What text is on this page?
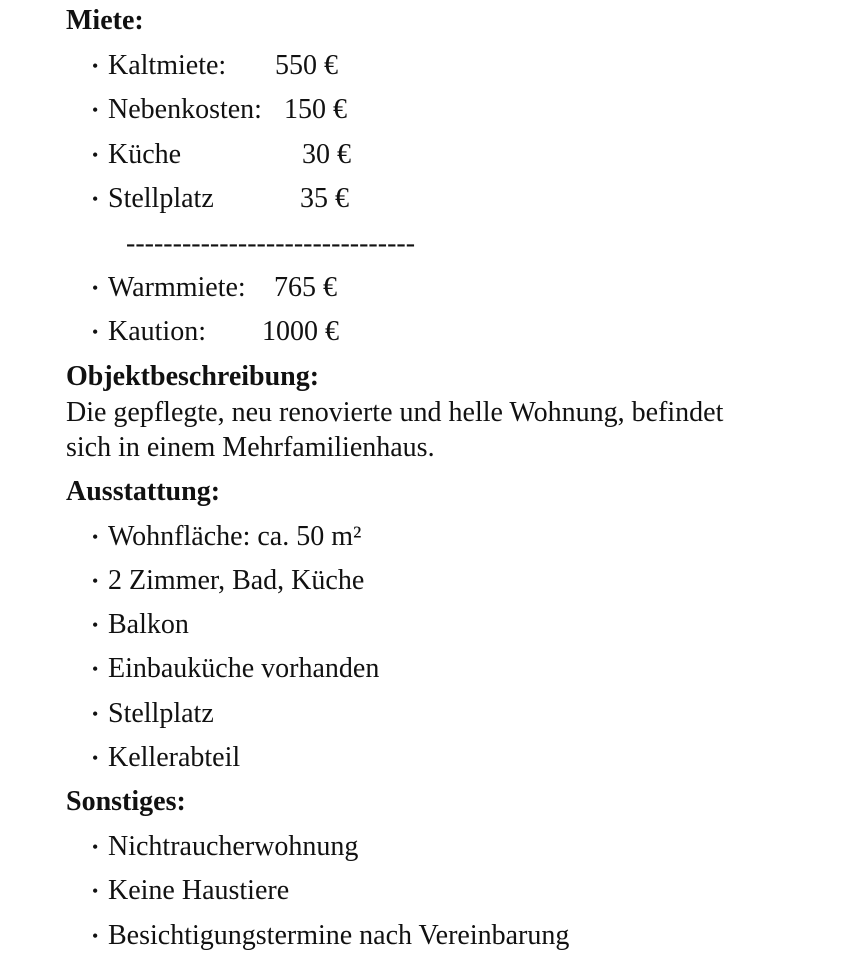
Miete:
•Kaltmiete: 550 €
•Nebenkosten: 150 €
•Küche	30 €
•Stellplatz	35 €
-------------------------------
•Warmmiete: 765 €
•Kaution: 1000 €
Objektbeschreibung:
Die gepflegte, neu renovierte und helle Wohnung, befindet
sich in einem Mehrfamilienhaus.
Ausstattung:
•Wohnfläche: ca. 50 m²
•2 Zimmer, Bad, Küche
•Balkon
•Einbauküche vorhanden
•Stellplatz
•Kellerabteil
Sonstiges:
•Nichtraucherwohnung
•Keine Haustiere
•Besichtigungstermine nach Vereinbarung
